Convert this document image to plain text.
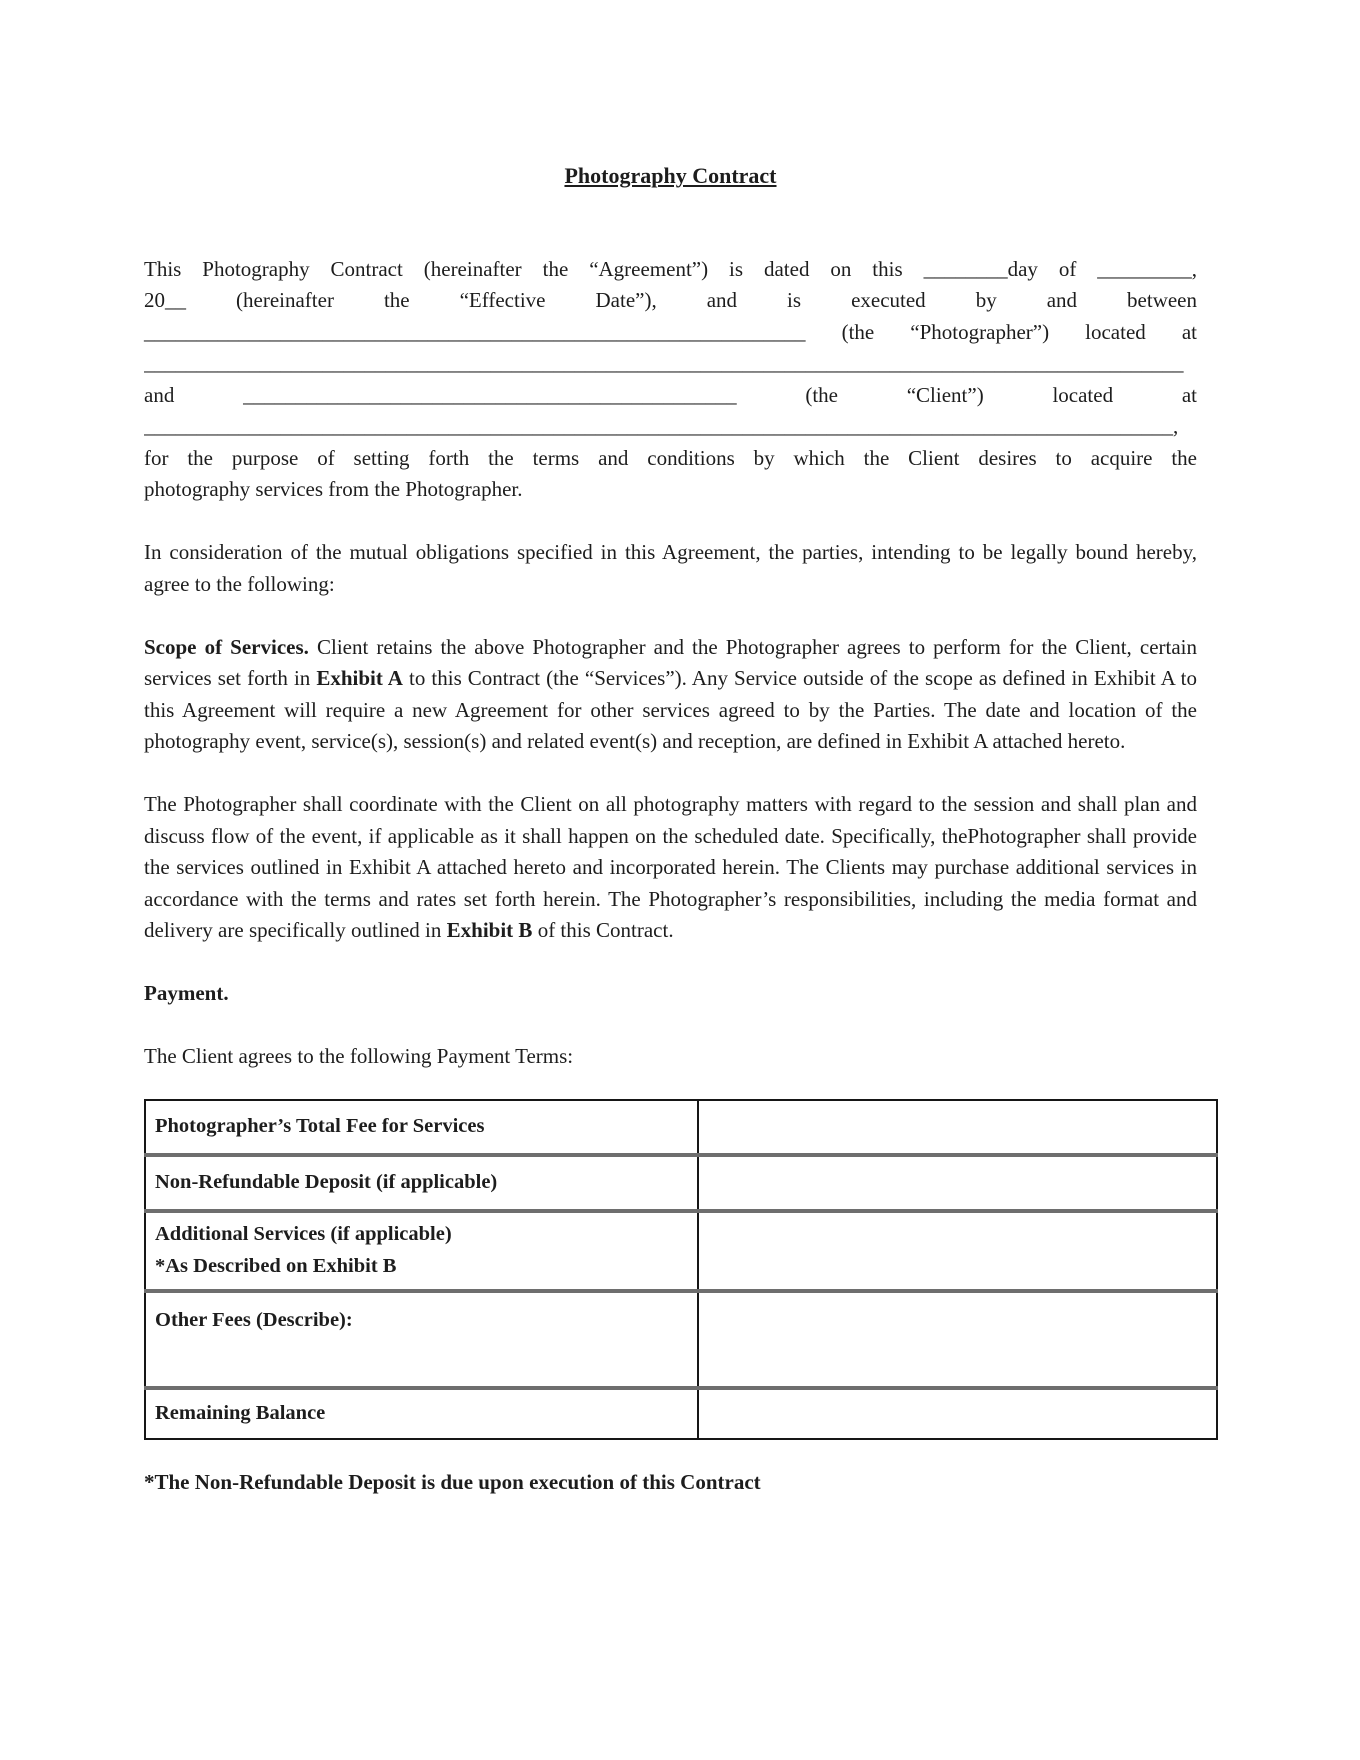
Photography Contract
This Photography Contract (hereinafter the “Agreement”) is dated on this ________day of _________,
20__ (hereinafter the “Effective Date”), and is executed by and between
_______________________________________________________________ (the “Photographer”) located at
___________________________________________________________________________________________________
and _______________________________________________ (the “Client”) located at
__________________________________________________________________________________________________,
for the purpose of setting forth the terms and conditions by which the Client desires to acquire the
photography services from the Photographer.

In consideration of the mutual obligations specified in this Agreement, the parties, intending to be legally bound hereby, agree to the following:

Scope of Services. Client retains the above Photographer and the Photographer agrees to perform for the Client, certain services set forth in Exhibit A to this Contract (the “Services”). Any Service outside of the scope as defined in Exhibit A to this Agreement will require a new Agreement for other services agreed to by the Parties. The date and location of the photography event, service(s), session(s) and related event(s) and reception, are defined in Exhibit A attached hereto.

The Photographer shall coordinate with the Client on all photography matters with regard to the session and shall plan and discuss flow of the event, if applicable as it shall happen on the scheduled date. Specifically, thePhotographer shall provide the services outlined in Exhibit A attached hereto and incorporated herein. The Clients may purchase additional services in accordance with the terms and rates set forth herein. The Photographer’s responsibilities, including the media format and delivery are specifically outlined in Exhibit B of this Contract.

Payment.

The Client agrees to the following Payment Terms:

Photographer’s Total Fee for Services	
Non-Refundable Deposit (if applicable)	

Additional Services (if applicable)
*As Described on Exhibit B	

Other Fees (Describe):	
Remaining Balance	

*The Non-Refundable Deposit is due upon execution of this Contract
